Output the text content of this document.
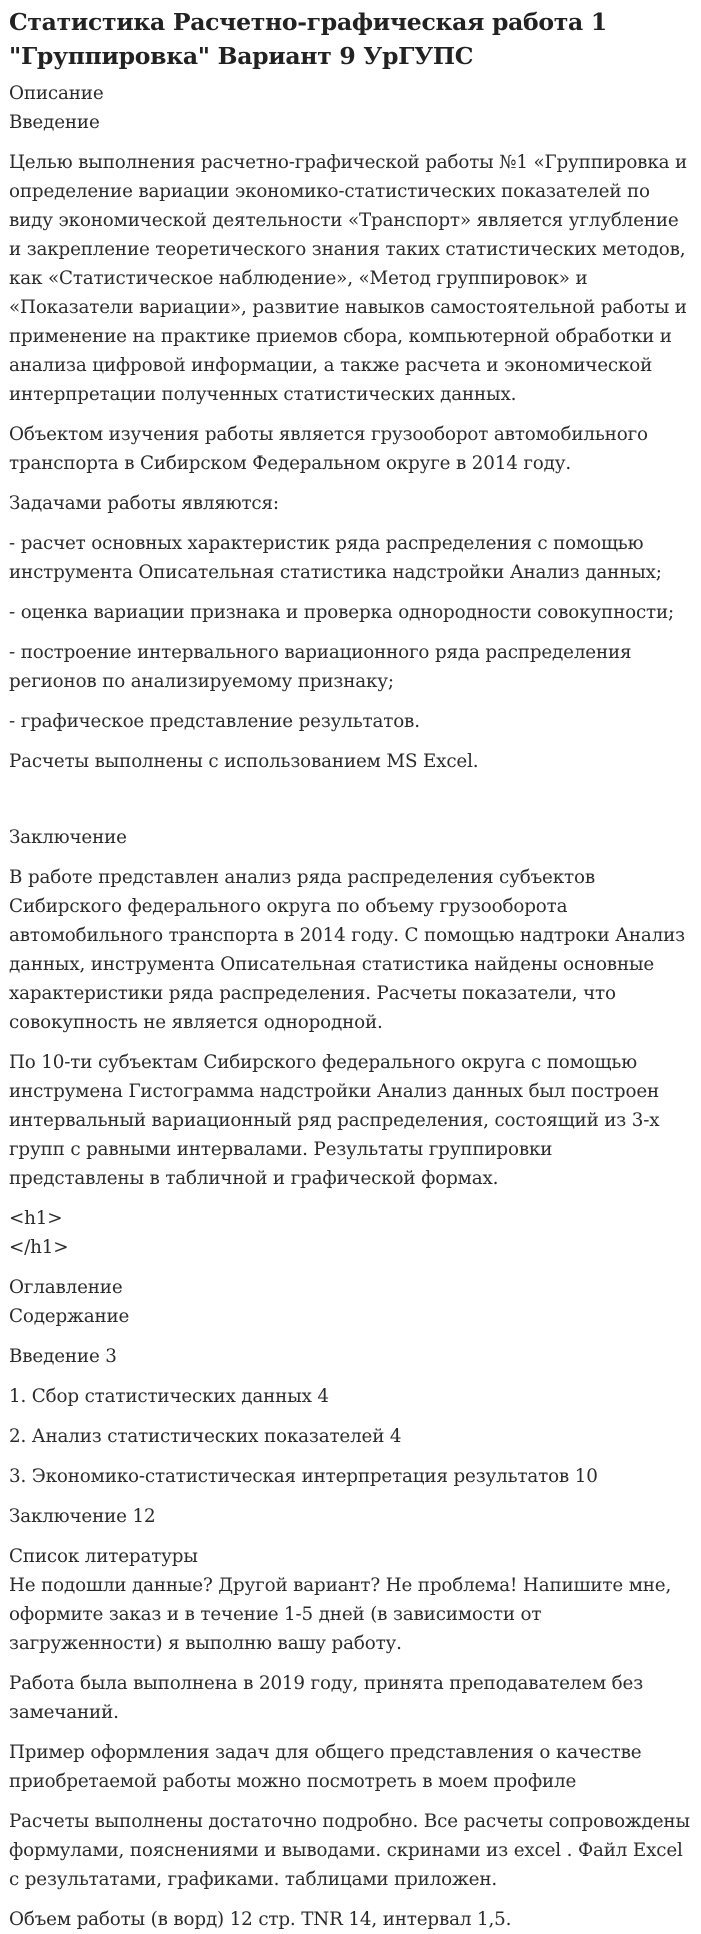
Статистика Расчетно-графическая работа 1 "Группировка" Вариант 9 УрГУПС
Описание
Введение

Целью выполнения расчетно-графической работы №1 «Группировка и определение вариации экономико-статистических показателей по виду экономической деятельности «Транспорт» является углубление и закрепление теоретического знания таких статистических методов, как «Статистическое наблюдение», «Метод группировок» и «Показатели вариации», развитие навыков самостоятельной работы и применение на практике приемов сбора, компьютерной обработки и анализа цифровой информации, а также расчета и экономической интерпретации полученных статистических данных.

Объектом изучения работы является грузооборот автомобильного транспорта в Сибирском Федеральном округе в 2014 году.

Задачами работы являются:

- расчет основных характеристик ряда распределения с помощью инструмента Описательная статистика надстройки Анализ данных;

- оценка вариации признака и проверка однородности совокупности;

- построение интервального вариационного ряда распределения регионов по анализируемому признаку;

- графическое представление результатов.

Расчеты выполнены с использованием MS Excel.

Заключение

В работе представлен анализ ряда распределения субъектов Сибирского федерального округа по объему грузооборота автомобильного транспорта в 2014 году. С помощью надтроки Анализ данных, инструмента Описательная статистика найдены основные характеристики ряда распределения. Расчеты показатели, что совокупность не является однородной.

По 10-ти субъектам Сибирского федерального округа с помощью инструмена Гистограмма надстройки Анализ данных был построен интервальный вариационный ряд распределения, состоящий из 3-х групп с равными интервалами. Результаты группировки представлены в табличной и графической формах.

<h1>

</h1>

Оглавление

Содержание

Введение 3

1. Сбор статистических данных 4

2. Анализ статистических показателей 4

3. Экономико-статистическая интерпретация результатов 10

Заключение 12

Список литературы

Не подошли данные? Другой вариант? Не проблема! Напишите мне, оформите заказ и в течение 1-5 дней (в зависимости от загруженности) я выполню вашу работу.

Работа была выполнена в 2019 году, принята преподавателем без замечаний.

Пример оформления задач для общего представления о качестве приобретаемой работы можно посмотреть в моем профиле

Расчеты выполнены достаточно подробно. Все расчеты сопровождены формулами, пояснениями и выводами. скринами из excel . Файл Excel с результатами, графиками. таблицами приложен.

Объем работы (в ворд) 12 стр. TNR 14, интервал 1,5.
